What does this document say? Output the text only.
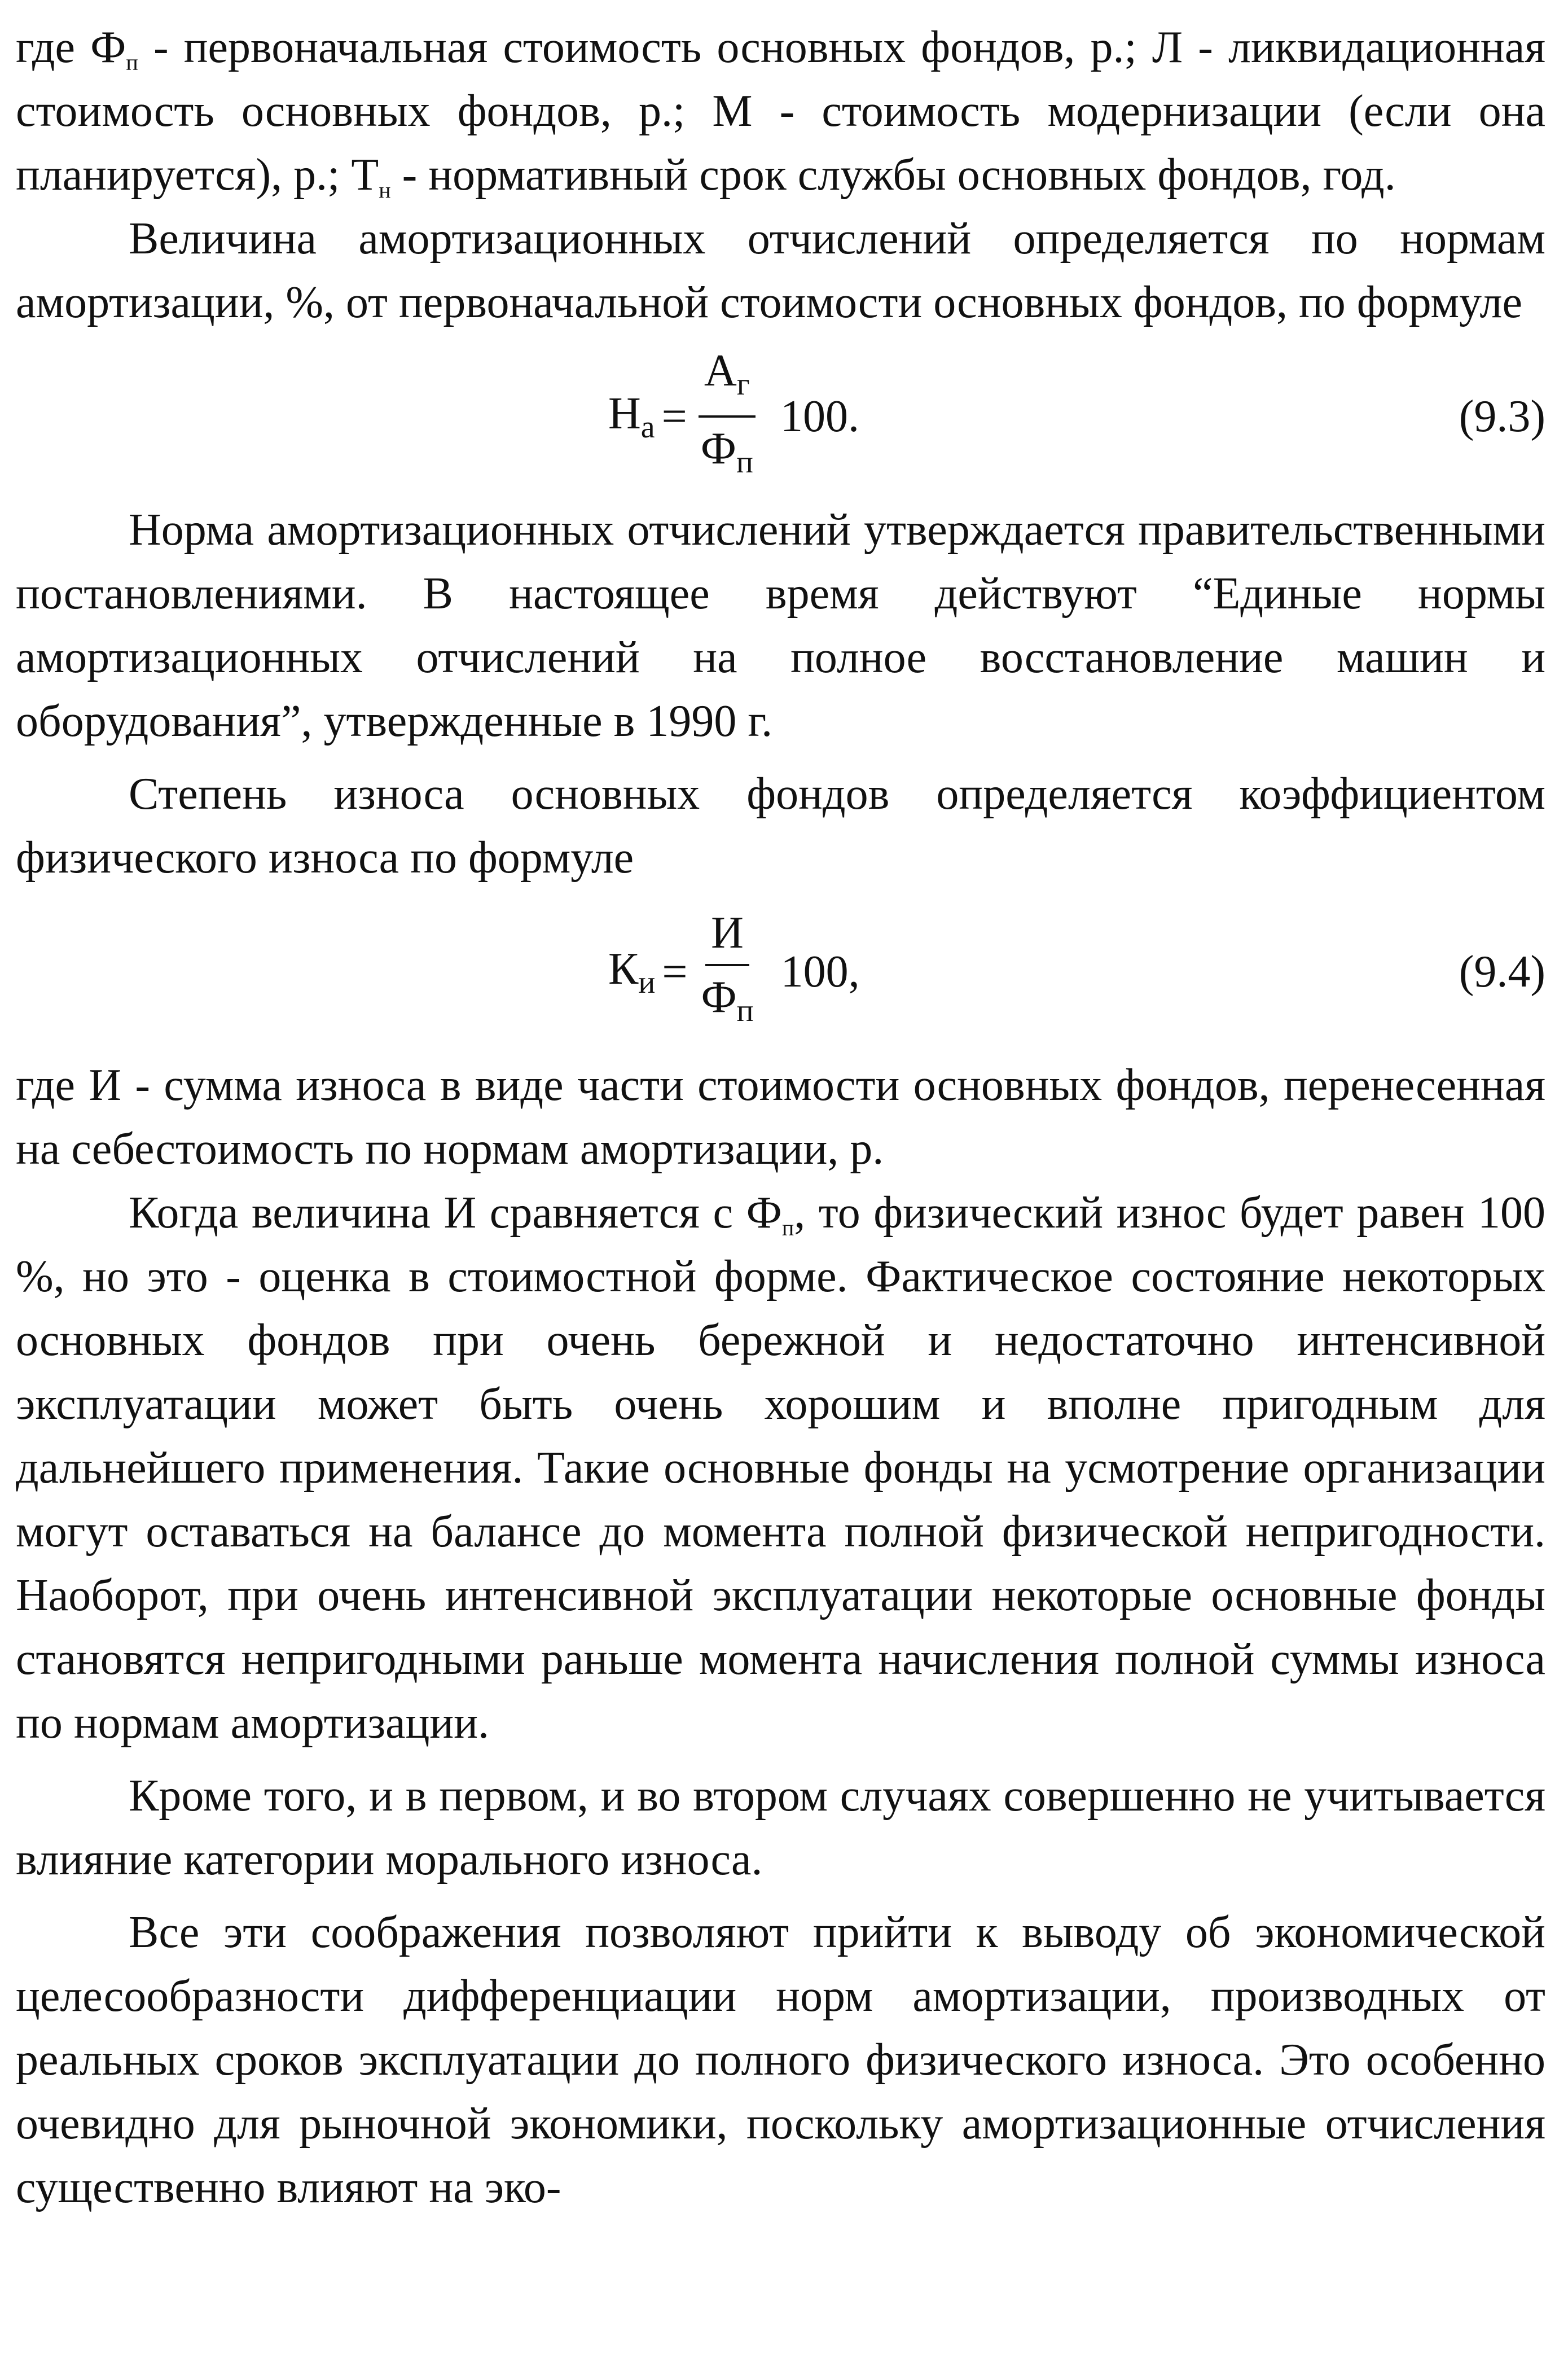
где $Ф_п$ - первоначальная стоимость основных фондов, р.; Л - ликвидационная стоимость основных фондов, р.; М - стоимость модернизации (если она планируется), р.; $Т_н$ - нормативный срок службы основных фондов, год.

Величина амортизационных отчислений определяется по нормам амортизации, %, от первоначальной стоимости основных фондов, по формуле

$Н_а = \frac{А_г}{Ф_п} 100$.	(9.3)

Норма амортизационных отчислений утверждается правительственными постановлениями. В настоящее время действуют “Единые нормы амортизационных отчислений на полное восстановление машин и оборудования”, утвержденные в 1990 г.

Степень износа основных фондов определяется коэффициентом физического износа по формуле

$К_и = \frac{И}{Ф_п} 100$,	(9.4)

где И - сумма износа в виде части стоимости основных фондов, перенесенная на себестоимость по нормам амортизации, р.

Когда величина И сравняется с $Ф_п$, то физический износ будет равен 100 %, но это - оценка в стоимостной форме. Фактическое состояние некоторых основных фондов при очень бережной и недостаточно интенсивной эксплуатации может быть очень хорошим и вполне пригодным для дальнейшего применения. Такие основные фонды на усмотрение организации могут оставаться на балансе до момента полной физической непригодности. Наоборот, при очень интенсивной эксплуатации некоторые основные фонды становятся непригодными раньше момента начисления полной суммы износа по нормам амортизации.

Кроме того, и в первом, и во втором случаях совершенно не учитывается влияние категории морального износа.

Все эти соображения позволяют прийти к выводу об экономической целесообразности дифференциации норм амортизации, производных от реальных сроков эксплуатации до полного физического износа. Это особенно очевидно для рыночной экономики, поскольку амортизационные отчисления существенно влияют на эко-
